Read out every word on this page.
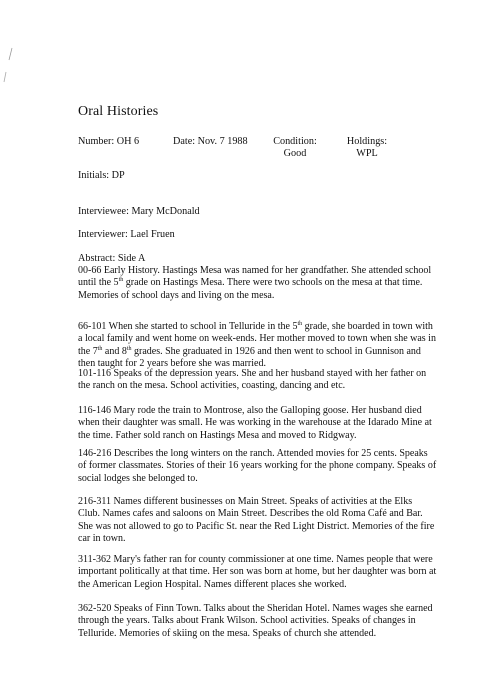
Oral Histories
Number: OH 6	Date: Nov. 7 1988	Condition:
Good
Holdings:
WPL
Initials: DP
Interviewee: Mary McDonald
Interviewer: Lael Fruen
Abstract: Side A
00-66 Early History. Hastings Mesa was named for her grandfather. She attended school
until the 5th grade on Hastings Mesa. There were two schools on the mesa at that time.
Memories of school days and living on the mesa.
66-101 When she started to school in Telluride in the 5th grade, she boarded in town with
a local family and went home on week-ends. Her mother moved to town when she was in
the 7th and 8th grades. She graduated in 1926 and then went to school in Gunnison and
then taught for 2 years before she was married.
101-116 Speaks of the depression years. She and her husband stayed with her father on
the ranch on the mesa. School activities, coasting, dancing and etc.
116-146 Mary rode the train to Montrose, also the Galloping goose. Her husband died
when their daughter was small. He was working in the warehouse at the Idarado Mine at
the time. Father sold ranch on Hastings Mesa and moved to Ridgway.
146-216 Describes the long winters on the ranch. Attended movies for 25 cents. Speaks
of former classmates. Stories of their 16 years working for the phone company. Speaks of
social lodges she belonged to.
216-311 Names different businesses on Main Street. Speaks of activities at the Elks
Club. Names cafes and saloons on Main Street. Describes the old Roma Café and Bar.
She was not allowed to go to Pacific St. near the Red Light District. Memories of the fire
car in town.
311-362 Mary's father ran for county commissioner at one time. Names people that were
important politically at that time. Her son was born at home, but her daughter was born at
the American Legion Hospital. Names different places she worked.
362-520 Speaks of Finn Town. Talks about the Sheridan Hotel. Names wages she earned
through the years. Talks about Frank Wilson. School activities. Speaks of changes in
Telluride. Memories of skiing on the mesa. Speaks of church she attended.
